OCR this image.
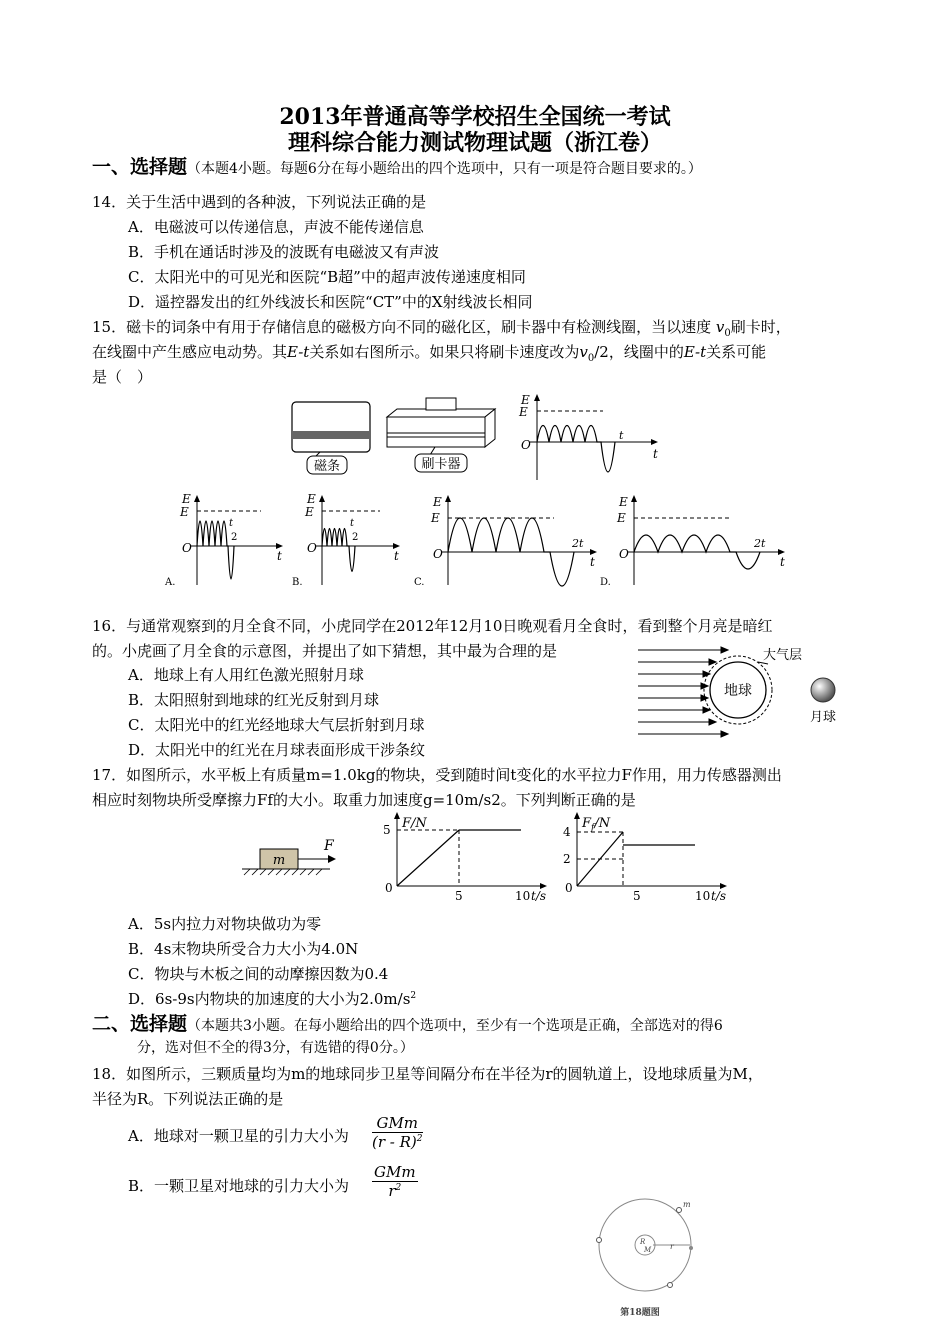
2013年普通高等学校招生全国统一考试
理科综合能力测试物理试题（浙江卷）
一、选择题（本题4小题。每题6分在每小题给出的四个选项中，只有一项是符合题目要求的。）
14．关于生活中遇到的各种波，下列说法正确的是
A．电磁波可以传递信息，声波不能传递信息
B．手机在通话时涉及的波既有电磁波又有声波
C．太阳光中的可见光和医院“B超”中的超声波传递速度相同
D．遥控器发出的红外线波长和医院“CT”中的X射线波长相同
15．磁卡的词条中有用于存储信息的磁极方向不同的磁化区，刷卡器中有检测线圈，当以速度 $v_0$刷卡时，
在线圈中产生感应电动势。其E-t关系如右图所示。如果只将刷卡速度改为$v_0/2$，线圈中的E-t关系可能
是（　）
磁条	刷卡器
E
E
O
t
t
E
E
O
t
2
t
A.
E
E
O
t
2
t
B.
E
E
O
2t
t
C.
E
E
O
2t
t
D.
16．与通常观察到的月全食不同，小虎同学在2012年12月10日晚观看月全食时，看到整个月亮是暗红
的。小虎画了月全食的示意图，并提出了如下猜想，其中最为合理的是
A．地球上有人用红色激光照射月球
B．太阳照射到地球的红光反射到月球
C．太阳光中的红光经地球大气层折射到月球
D．太阳光中的红光在月球表面形成干涉条纹
地球
大气层
月球
17．如图所示，水平板上有质量m=1.0kg的物块，受到随时间t变化的水平拉力F作用，用力传感器测出
相应时刻物块所受摩擦力Ff的大小。取重力加速度g=10m/s2。下列判断正确的是
m
F
F/N
5
0
5	10 t/s
$F_f/N$
4
2
0
5	10 t/s
A．5s内拉力对物块做功为零
B．4s末物块所受合力大小为4.0N
C．物块与木板之间的动摩擦因数为0.4
D．6s-9s内物块的加速度的大小为$2.0m/s^2$
二、选择题（本题共3小题。在每小题给出的四个选项中，至少有一个选项是正确，全部选对的得6
分，选对但不全的得3分，有选错的得0分。）
18．如图所示，三颗质量均为m的地球同步卫星等间隔分布在半径为r的圆轨道上，设地球质量为M，
半径为R。下列说法正确的是
A．地球对一颗卫星的引力大小为
GMm
(r - R)$^2$
B．一颗卫星对地球的引力大小为
GMm
$r^2$
R
M r
m
第18题图
